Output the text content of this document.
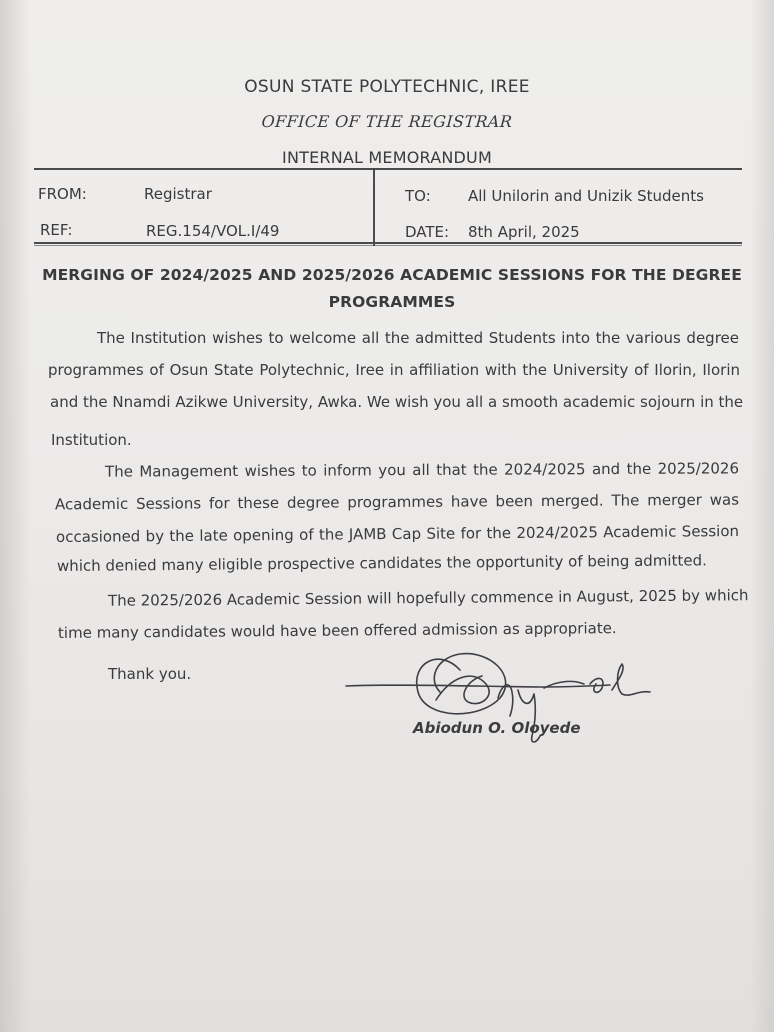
OSUN STATE POLYTECHNIC, IREE
OFFICE OF THE REGISTRAR
INTERNAL MEMORANDUM
FROM:	Registrar	TO: All Unilorin and Unizik Students
REF:	REG.154/VOL.I/49	DATE: 8th April, 2025
MERGING OF 2024/2025 AND 2025/2026 ACADEMIC SESSIONS FOR THE DEGREE
PROGRAMMES
The Institution wishes to welcome all the admitted Students into the various degree
programmes of Osun State Polytechnic, Iree in affiliation with the University of Ilorin, Ilorin
and the Nnamdi Azikwe University, Awka. We wish you all a smooth academic sojourn in the
Institution.
The Management wishes to inform you all that the 2024/2025 and the 2025/2026
Academic Sessions for these degree programmes have been merged. The merger was
occasioned by the late opening of the JAMB Cap Site for the 2024/2025 Academic Session
which denied many eligible prospective candidates the opportunity of being admitted.
The 2025/2026 Academic Session will hopefully commence in August, 2025 by which
time many candidates would have been offered admission as appropriate.
Thank you.
Abiodun O. Oloyede
